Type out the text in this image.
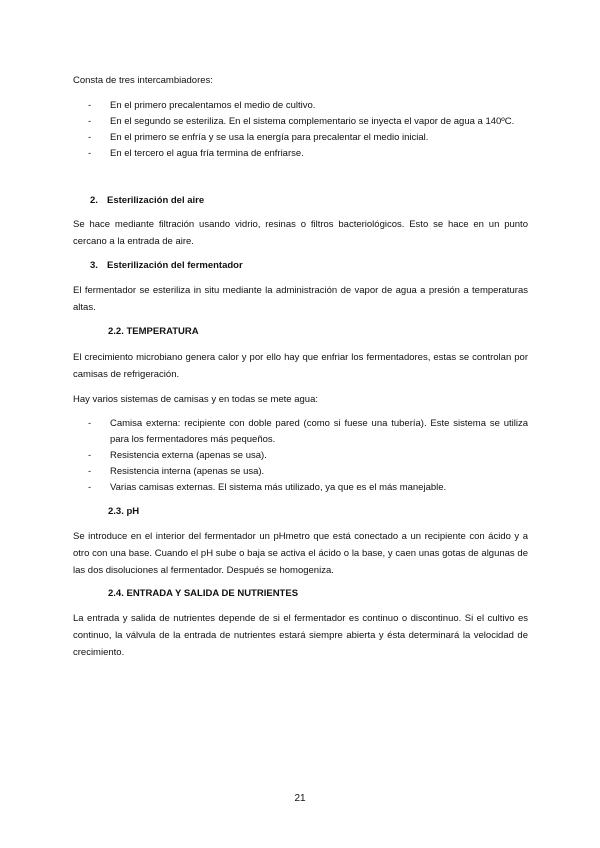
Consta de tres intercambiadores:

- En el primero precalentamos el medio de cultivo.
- En el segundo se esteriliza. En el sistema complementario se inyecta el vapor de agua a 140ºC.
- En el primero se enfría y se usa la energía para precalentar el medio inicial.
- En el tercero el agua fría termina de enfriarse.

2. Esterilización del aire

Se hace mediante filtración usando vidrio, resinas o filtros bacteriológicos. Esto se hace en un punto cercano a la entrada de aire.

3. Esterilización del fermentador

El fermentador se esteriliza in situ mediante la administración de vapor de agua a presión a temperaturas altas.

2.2. TEMPERATURA

El crecimiento microbiano genera calor y por ello hay que enfriar los fermentadores, estas se controlan por camisas de refrigeración.

Hay varios sistemas de camisas y en todas se mete agua:

- Camisa externa: recipiente con doble pared (como si fuese una tubería). Este sistema se utiliza para los fermentadores más pequeños.
- Resistencia externa (apenas se usa).
- Resistencia interna (apenas se usa).
- Varias camisas externas. El sistema más utilizado, ya que es el más manejable.

2.3. pH

Se introduce en el interior del fermentador un pHmetro que está conectado a un recipiente con ácido y a otro con una base. Cuando el pH sube o baja se activa el ácido o la base, y caen unas gotas de algunas de las dos disoluciones al fermentador. Después se homogeniza.

2.4. ENTRADA Y SALIDA DE NUTRIENTES

La entrada y salida de nutrientes depende de si el fermentador es continuo o discontinuo. Si el cultivo es continuo, la válvula de la entrada de nutrientes estará siempre abierta y ésta determinará la velocidad de crecimiento.

21
